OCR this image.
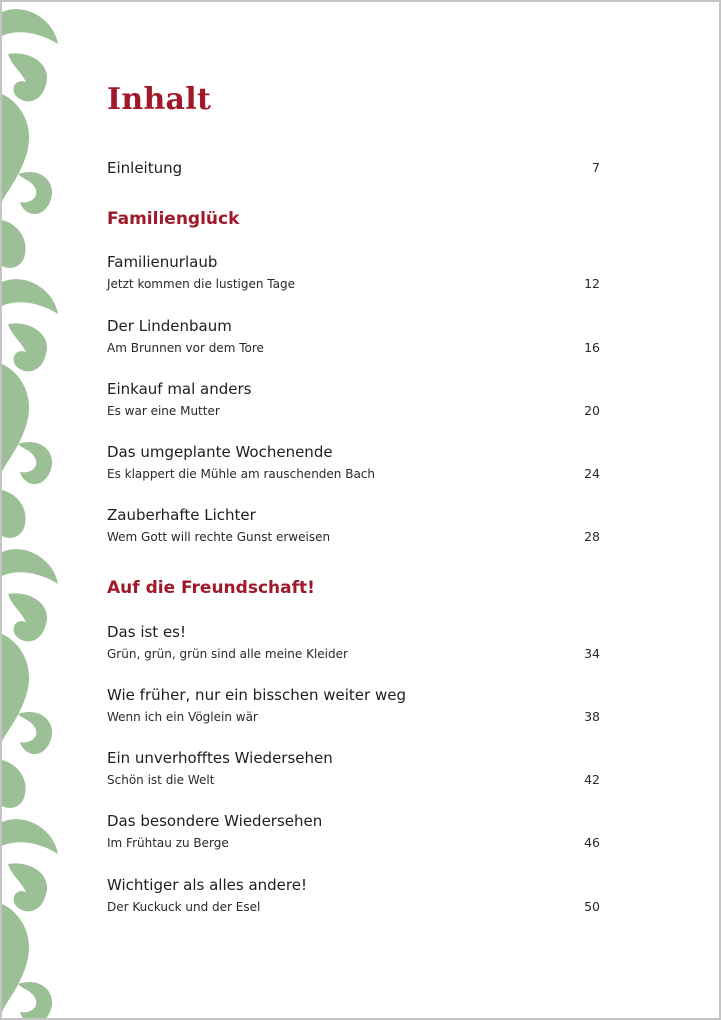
Inhalt
Einleitung	7
Familienglück
Familienurlaub
Jetzt kommen die lustigen Tage	12
Der Lindenbaum
Am Brunnen vor dem Tore	16
Einkauf mal anders
Es war eine Mutter	20
Das umgeplante Wochenende
Es klappert die Mühle am rauschenden Bach	24
Zauberhafte Lichter
Wem Gott will rechte Gunst erweisen	28
Auf die Freundschaft!
Das ist es!
Grün, grün, grün sind alle meine Kleider	34
Wie früher, nur ein bisschen weiter weg
Wenn ich ein Vöglein wär	38
Ein unverhofftes Wiedersehen
Schön ist die Welt	42
Das besondere Wiedersehen
Im Frühtau zu Berge	46
Wichtiger als alles andere!
Der Kuckuck und der Esel	50
